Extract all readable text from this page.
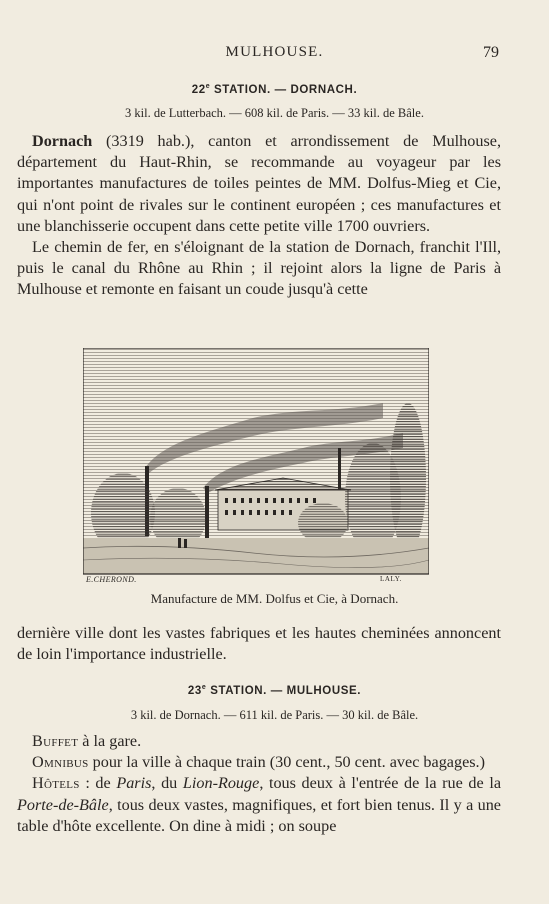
MULHOUSE.	79
22e STATION. — DORNACH.
3 kil. de Lutterbach. — 608 kil. de Paris. — 33 kil. de Bâle.

Dornach (3319 hab.), canton et arrondissement de Mulhouse, département du Haut-Rhin, se recommande au voyageur par les importantes manufactures de toiles peintes de MM. Dolfus-Mieg et Cie, qui n'ont point de rivales sur le continent européen ; ces manufactures et une blanchisserie occupent dans cette petite ville 1700 ouvriers.

Le chemin de fer, en s'éloignant de la station de Dornach, franchit l'Ill, puis le canal du Rhône au Rhin ; il rejoint alors la ligne de Paris à Mulhouse et remonte en faisant un coude jusqu'à cette

E.CHEROND.	LALY.
Manufacture de MM. Dolfus et Cie, à Dornach.

dernière ville dont les vastes fabriques et les hautes cheminées annoncent de loin l'importance industrielle.

23e STATION. — MULHOUSE.
3 kil. de Dornach. — 611 kil. de Paris. — 30 kil. de Bâle.

Buffet à la gare.

Omnibus pour la ville à chaque train (30 cent., 50 cent. avec bagages.)

Hôtels : de Paris, du Lion-Rouge, tous deux à l'entrée de la rue de la Porte-de-Bâle, tous deux vastes, magnifiques, et fort bien tenus. Il y a une table d'hôte excellente. On dine à midi ; on soupe
